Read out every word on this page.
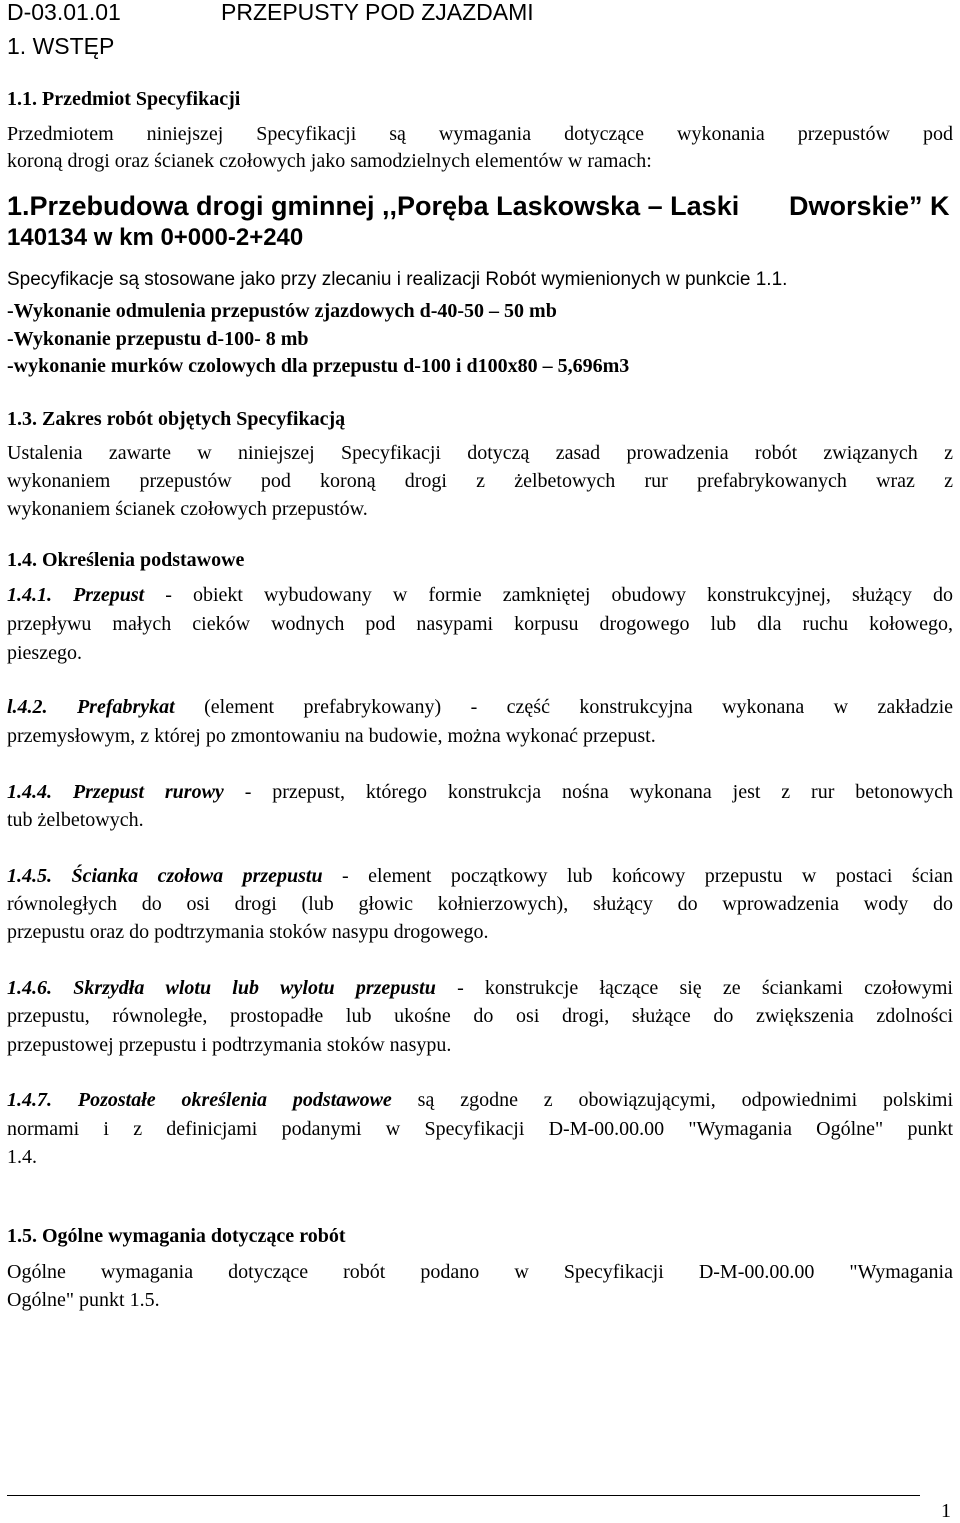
D-03.01.01	PRZEPUSTY POD ZJAZDAMI
1. WSTĘP
1.1. Przedmiot Specyfikacji
Przedmiotem niniejszej Specyfikacji są wymagania dotyczące wykonania przepustów pod
koroną drogi oraz ścianek czołowych jako samodzielnych elementów w ramach:
1.Przebudowa drogi gminnej ,,Poręba Laskowska – Laski Dworskie” K
140134 w km 0+000-2+240
Specyfikacje są stosowane jako przy zlecaniu i realizacji Robót wymienionych w punkcie 1.1.
-Wykonanie odmulenia przepustów zjazdowych d-40-50 – 50 mb
-Wykonanie przepustu d-100- 8 mb
-wykonanie murków czolowych dla przepustu d-100 i d100x80 – 5,696m3
1.3. Zakres robót objętych Specyfikacją
Ustalenia zawarte w niniejszej Specyfikacji dotyczą zasad prowadzenia robót związanych z
wykonaniem przepustów pod koroną drogi z żelbetowych rur prefabrykowanych wraz z
wykonaniem ścianek czołowych przepustów.
1.4. Określenia podstawowe
1.4.1. Przepust - obiekt wybudowany w formie zamkniętej obudowy konstrukcyjnej, służący do
przepływu małych cieków wodnych pod nasypami korpusu drogowego lub dla ruchu kołowego,
pieszego.
l.4.2. Prefabrykat (element prefabrykowany) - część konstrukcyjna wykonana w zakładzie
przemysłowym, z której po zmontowaniu na budowie, można wykonać przepust.
1.4.4. Przepust rurowy - przepust, którego konstrukcja nośna wykonana jest z rur betonowych
tub żelbetowych.
1.4.5. Ścianka czołowa przepustu - element początkowy lub końcowy przepustu w postaci ścian
równoległych do osi drogi (lub głowic kołnierzowych), służący do wprowadzenia wody do
przepustu oraz do podtrzymania stoków nasypu drogowego.
1.4.6. Skrzydła wlotu lub wylotu przepustu - konstrukcje łączące się ze ściankami czołowymi
przepustu, równoległe, prostopadłe lub ukośne do osi drogi, służące do zwiększenia zdolności
przepustowej przepustu i podtrzymania stoków nasypu.
1.4.7. Pozostałe określenia podstawowe są zgodne z obowiązującymi, odpowiednimi polskimi
normami i z definicjami podanymi w Specyfikacji D-M-00.00.00 "Wymagania Ogólne" punkt
1.4.
1.5. Ogólne wymagania dotyczące robót
Ogólne wymagania dotyczące robót podano w Specyfikacji D-M-00.00.00 "Wymagania
Ogólne" punkt 1.5.
1
